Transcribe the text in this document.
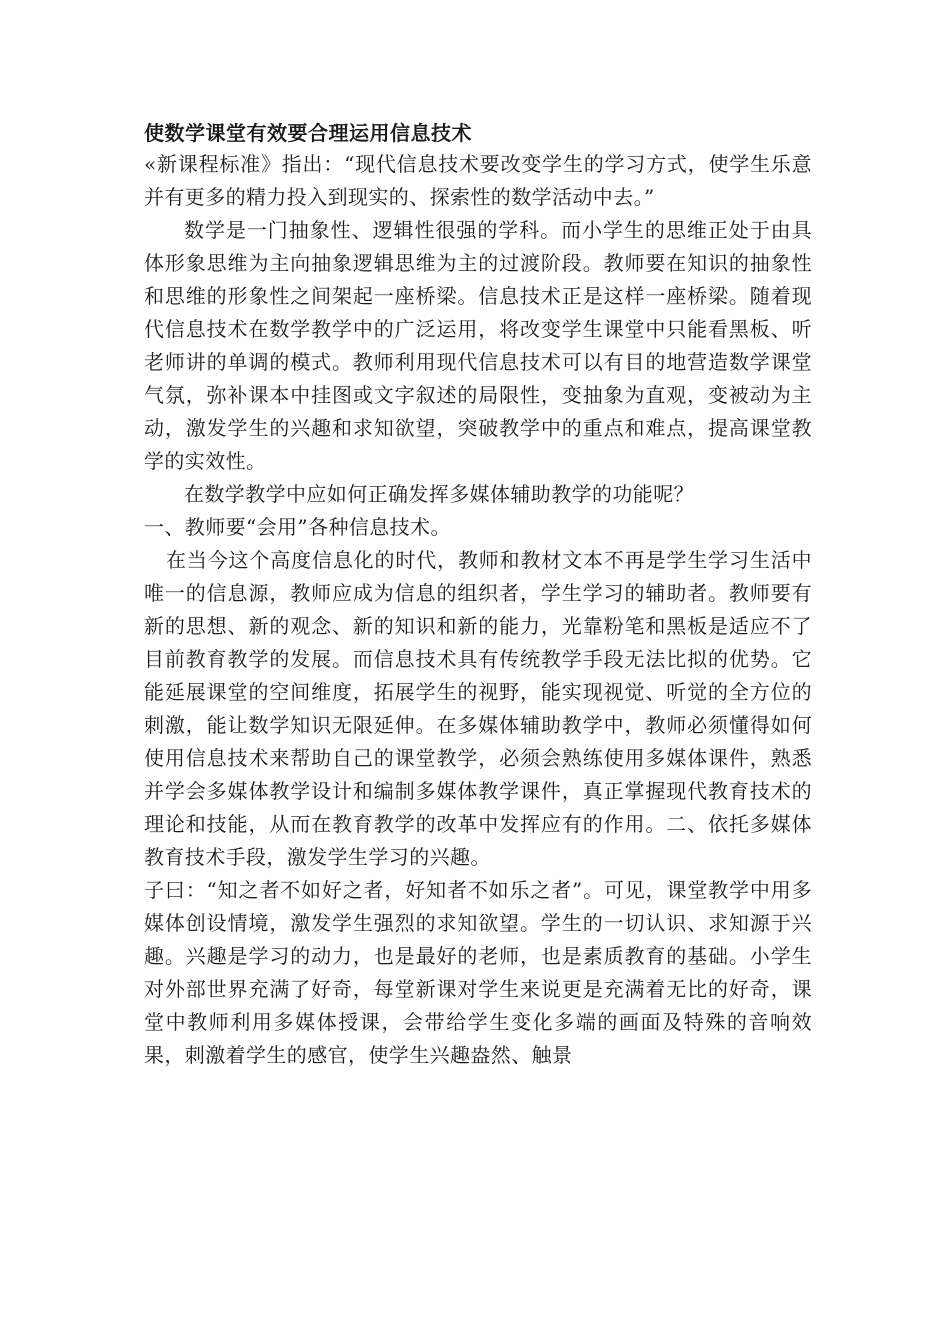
使数学课堂有效要合理运用信息技术

«新课程标准》指出：“现代信息技术要改变学生的学习方式，使学生乐意并有更多的精力投入到现实的、探索性的数学活动中去。”

数学是一门抽象性、逻辑性很强的学科。而小学生的思维正处于由具体形象思维为主向抽象逻辑思维为主的过渡阶段。教师要在知识的抽象性和思维的形象性之间架起一座桥梁。信息技术正是这样一座桥梁。随着现代信息技术在数学教学中的广泛运用，将改变学生课堂中只能看黑板、听老师讲的单调的模式。教师利用现代信息技术可以有目的地营造数学课堂气氛，弥补课本中挂图或文字叙述的局限性，变抽象为直观，变被动为主动，激发学生的兴趣和求知欲望，突破教学中的重点和难点，提高课堂教学的实效性。

在数学教学中应如何正确发挥多媒体辅助教学的功能呢？

一、教师要“会用”各种信息技术。

在当今这个高度信息化的时代，教师和教材文本不再是学生学习生活中唯一的信息源，教师应成为信息的组织者，学生学习的辅助者。教师要有新的思想、新的观念、新的知识和新的能力，光靠粉笔和黑板是适应不了目前教育教学的发展。而信息技术具有传统教学手段无法比拟的优势。它能延展课堂的空间维度，拓展学生的视野，能实现视觉、听觉的全方位的刺激，能让数学知识无限延伸。在多媒体辅助教学中，教师必须懂得如何使用信息技术来帮助自己的课堂教学，必须会熟练使用多媒体课件，熟悉并学会多媒体教学设计和编制多媒体教学课件，真正掌握现代教育技术的理论和技能，从而在教育教学的改革中发挥应有的作用。二、依托多媒体教育技术手段，激发学生学习的兴趣。

子曰：“知之者不如好之者，好知者不如乐之者”。可见，课堂教学中用多媒体创设情境，激发学生强烈的求知欲望。学生的一切认识、求知源于兴趣。兴趣是学习的动力，也是最好的老师，也是素质教育的基础。小学生对外部世界充满了好奇，每堂新课对学生来说更是充满着无比的好奇，课堂中教师利用多媒体授课，会带给学生变化多端的画面及特殊的音响效果，刺激着学生的感官，使学生兴趣盎然、触景
